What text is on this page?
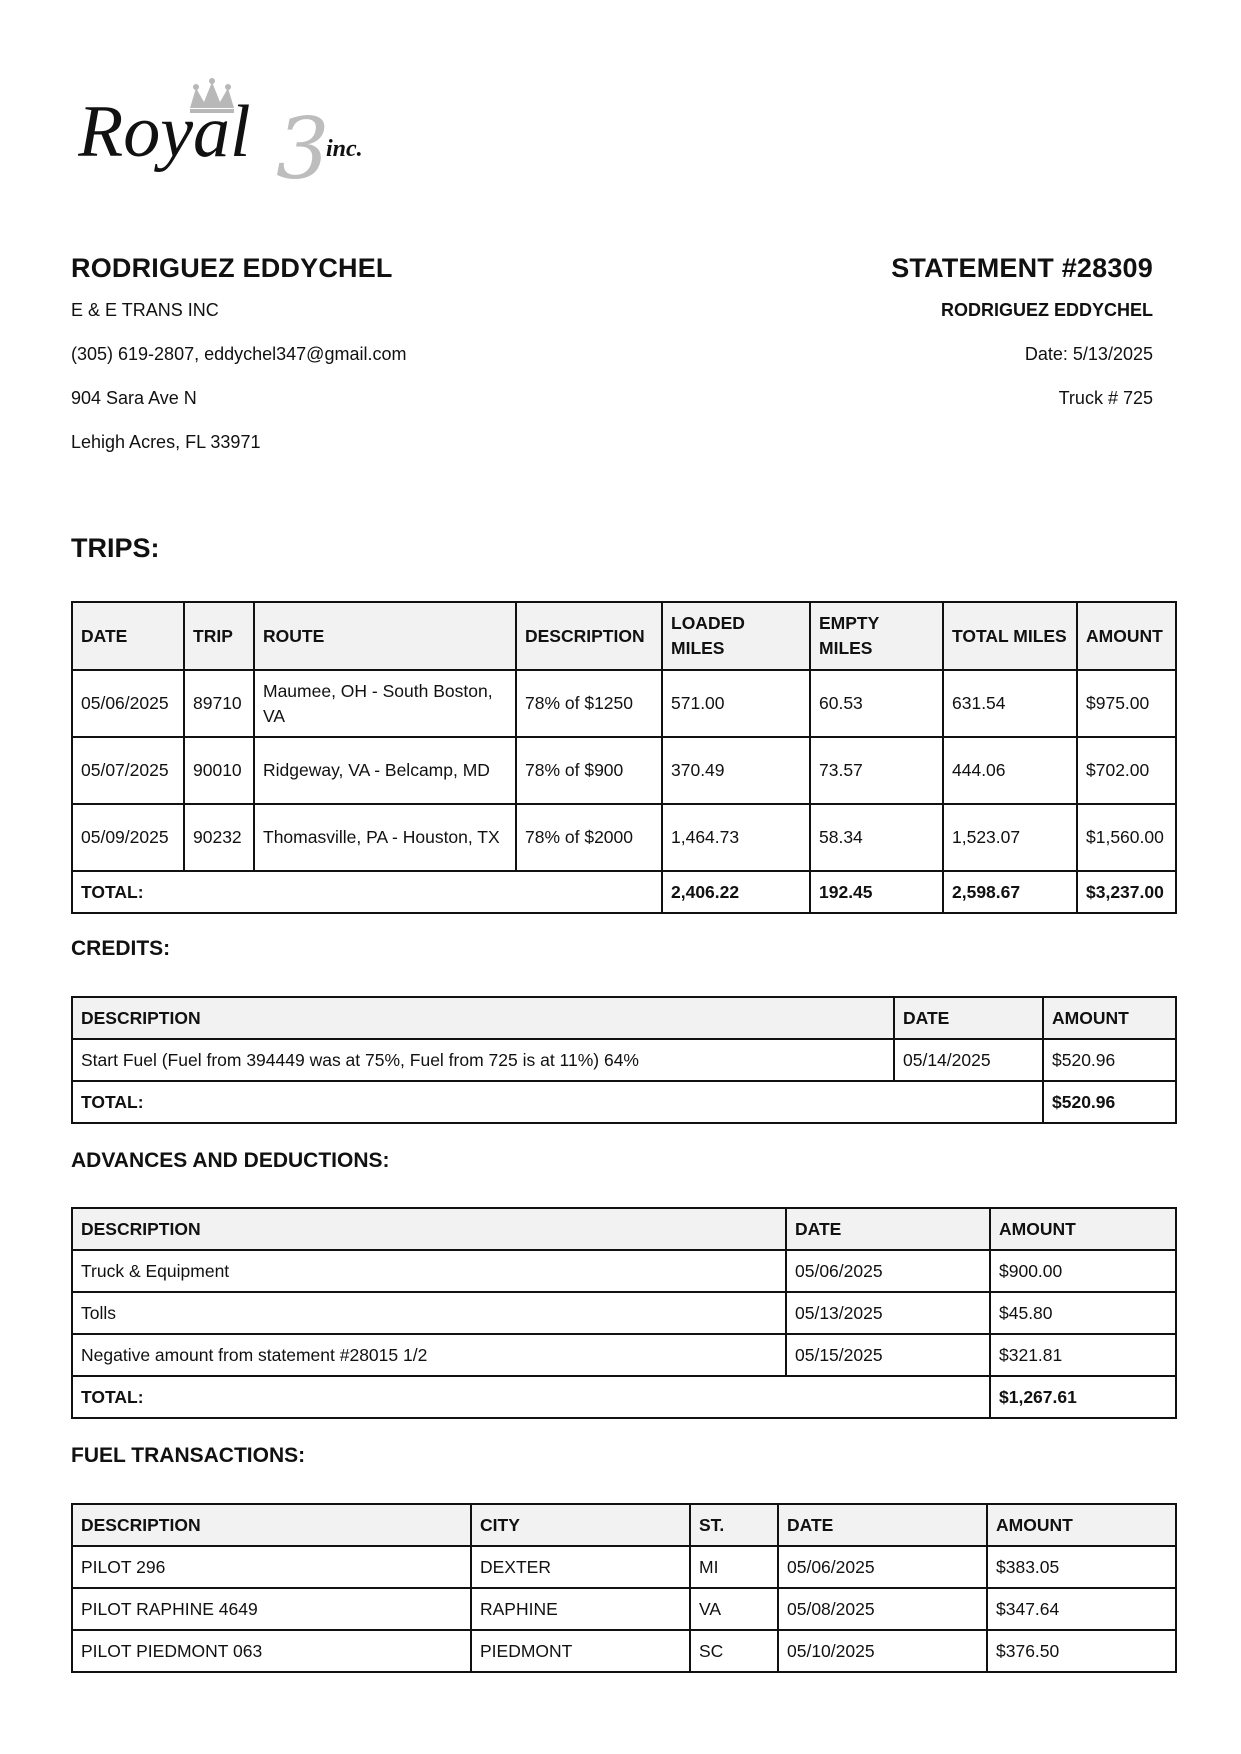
3
Royal	inc.
RODRIGUEZ EDDYCHEL
E & E TRANS INC
(305) 619-2807, eddychel347@gmail.com
904 Sara Ave N
Lehigh Acres, FL 33971
STATEMENT #28309
RODRIGUEZ EDDYCHEL
Date: 5/13/2025
Truck # 725
TRIPS:
DATE	TRIP	ROUTE	DESCRIPTION	LOADED MILES	EMPTY MILES	TOTAL MILES	AMOUNT
05/06/2025	89710	Maumee, OH - South Boston, VA	78% of $1250	571.00	60.53	631.54	$975.00
05/07/2025	90010	Ridgeway, VA - Belcamp, MD	78% of $900	370.49	73.57	444.06	$702.00
05/09/2025	90232	Thomasville, PA - Houston, TX	78% of $2000	1,464.73	58.34	1,523.07	$1,560.00
TOTAL:				2,406.22	192.45	2,598.67	$3,237.00
CREDITS:
DESCRIPTION	DATE	AMOUNT
Start Fuel (Fuel from 394449 was at 75%, Fuel from 725 is at 11%) 64%	05/14/2025	$520.96
TOTAL:		$520.96
ADVANCES AND DEDUCTIONS:
DESCRIPTION	DATE	AMOUNT
Truck & Equipment	05/06/2025	$900.00
Tolls	05/13/2025	$45.80
Negative amount from statement #28015 1/2	05/15/2025	$321.81
TOTAL:		$1,267.61
FUEL TRANSACTIONS:
DESCRIPTION	CITY	ST.	DATE	AMOUNT
PILOT 296	DEXTER	MI	05/06/2025	$383.05
PILOT RAPHINE 4649	RAPHINE	VA	05/08/2025	$347.64
PILOT PIEDMONT 063	PIEDMONT	SC	05/10/2025	$376.50
